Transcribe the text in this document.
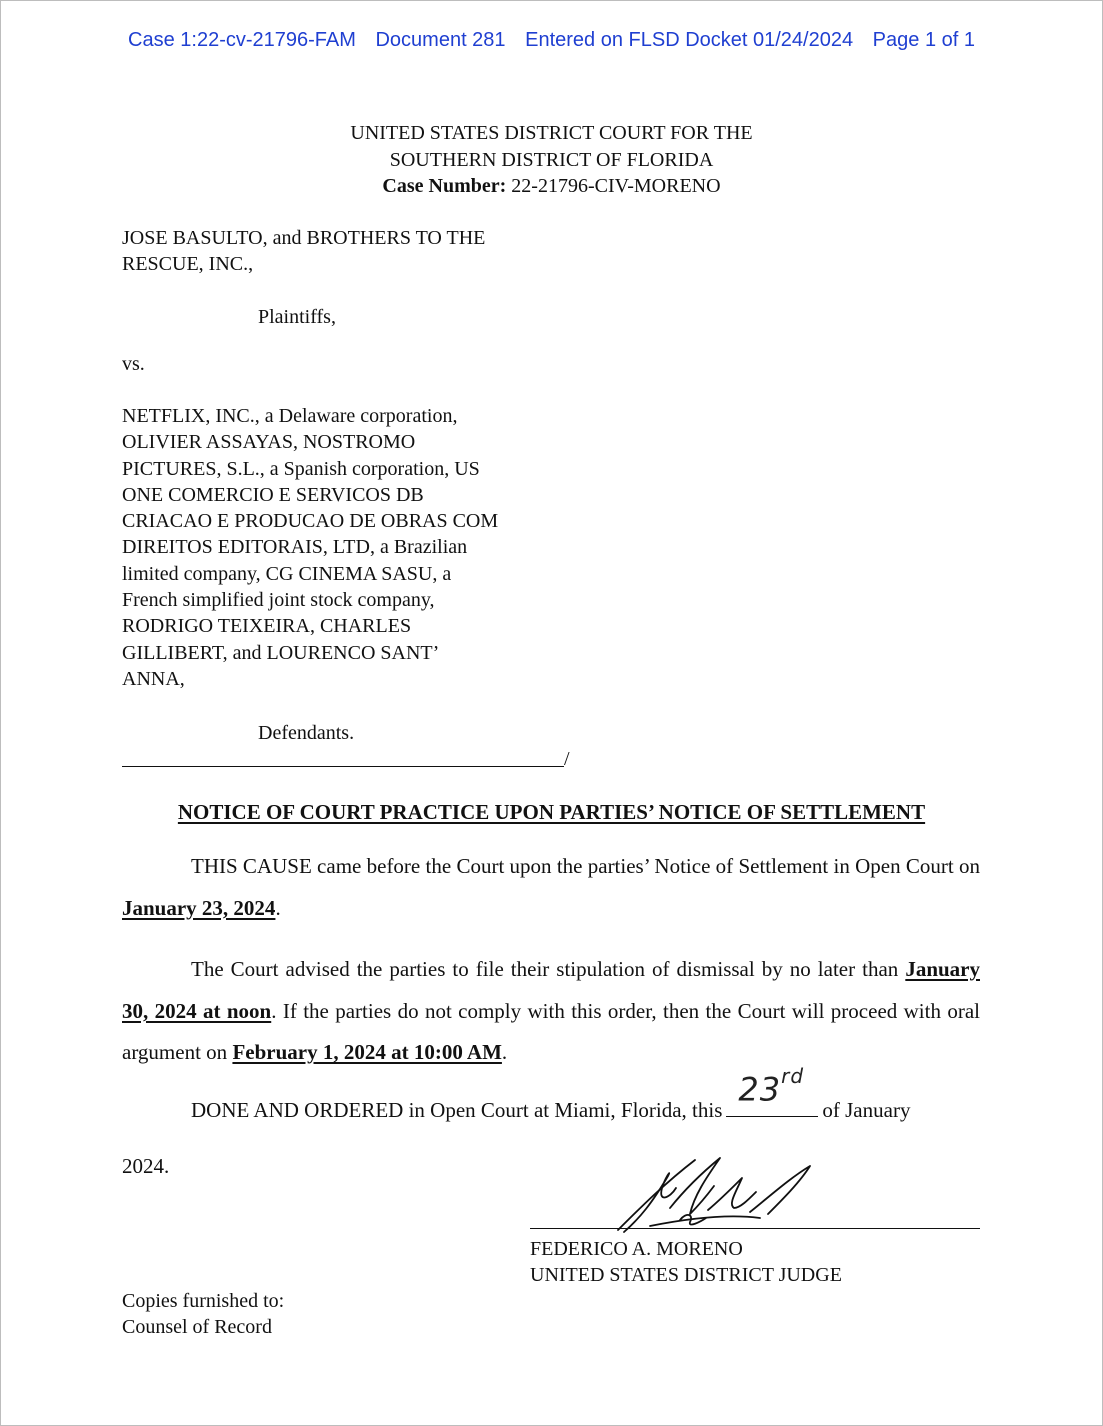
Case 1:22-cv-21796-FAM Document 281 Entered on FLSD Docket 01/24/2024 Page 1 of 1
UNITED STATES DISTRICT COURT FOR THE
SOUTHERN DISTRICT OF FLORIDA
Case Number: 22-21796-CIV-MORENO
JOSE BASULTO, and BROTHERS TO THE
RESCUE, INC.,
Plaintiffs,
vs.
NETFLIX, INC., a Delaware corporation,
OLIVIER ASSAYAS, NOSTROMO
PICTURES, S.L., a Spanish corporation, US
ONE COMERCIO E SERVICOS DB
CRIACAO E PRODUCAO DE OBRAS COM
DIREITOS EDITORAIS, LTD, a Brazilian
limited company, CG CINEMA SASU, a
French simplified joint stock company,
RODRIGO TEIXEIRA, CHARLES
GILLIBERT, and LOURENCO SANT’
ANNA,
Defendants.
/
NOTICE OF COURT PRACTICE UPON PARTIES’ NOTICE OF SETTLEMENT
THIS CAUSE came before the Court upon the parties’ Notice of Settlement in Open Court on January 23, 2024.
The Court advised the parties to file their stipulation of dismissal by no later than January 30, 2024 at noon. If the parties do not comply with this order, then the Court will proceed with oral argument on February 1, 2024 at 10:00 AM.
DONE AND ORDERED in Open Court at Miami, Florida, this
23rd
of January
2024.
FEDERICO A. MORENO
UNITED STATES DISTRICT JUDGE
Copies furnished to:
Counsel of Record
